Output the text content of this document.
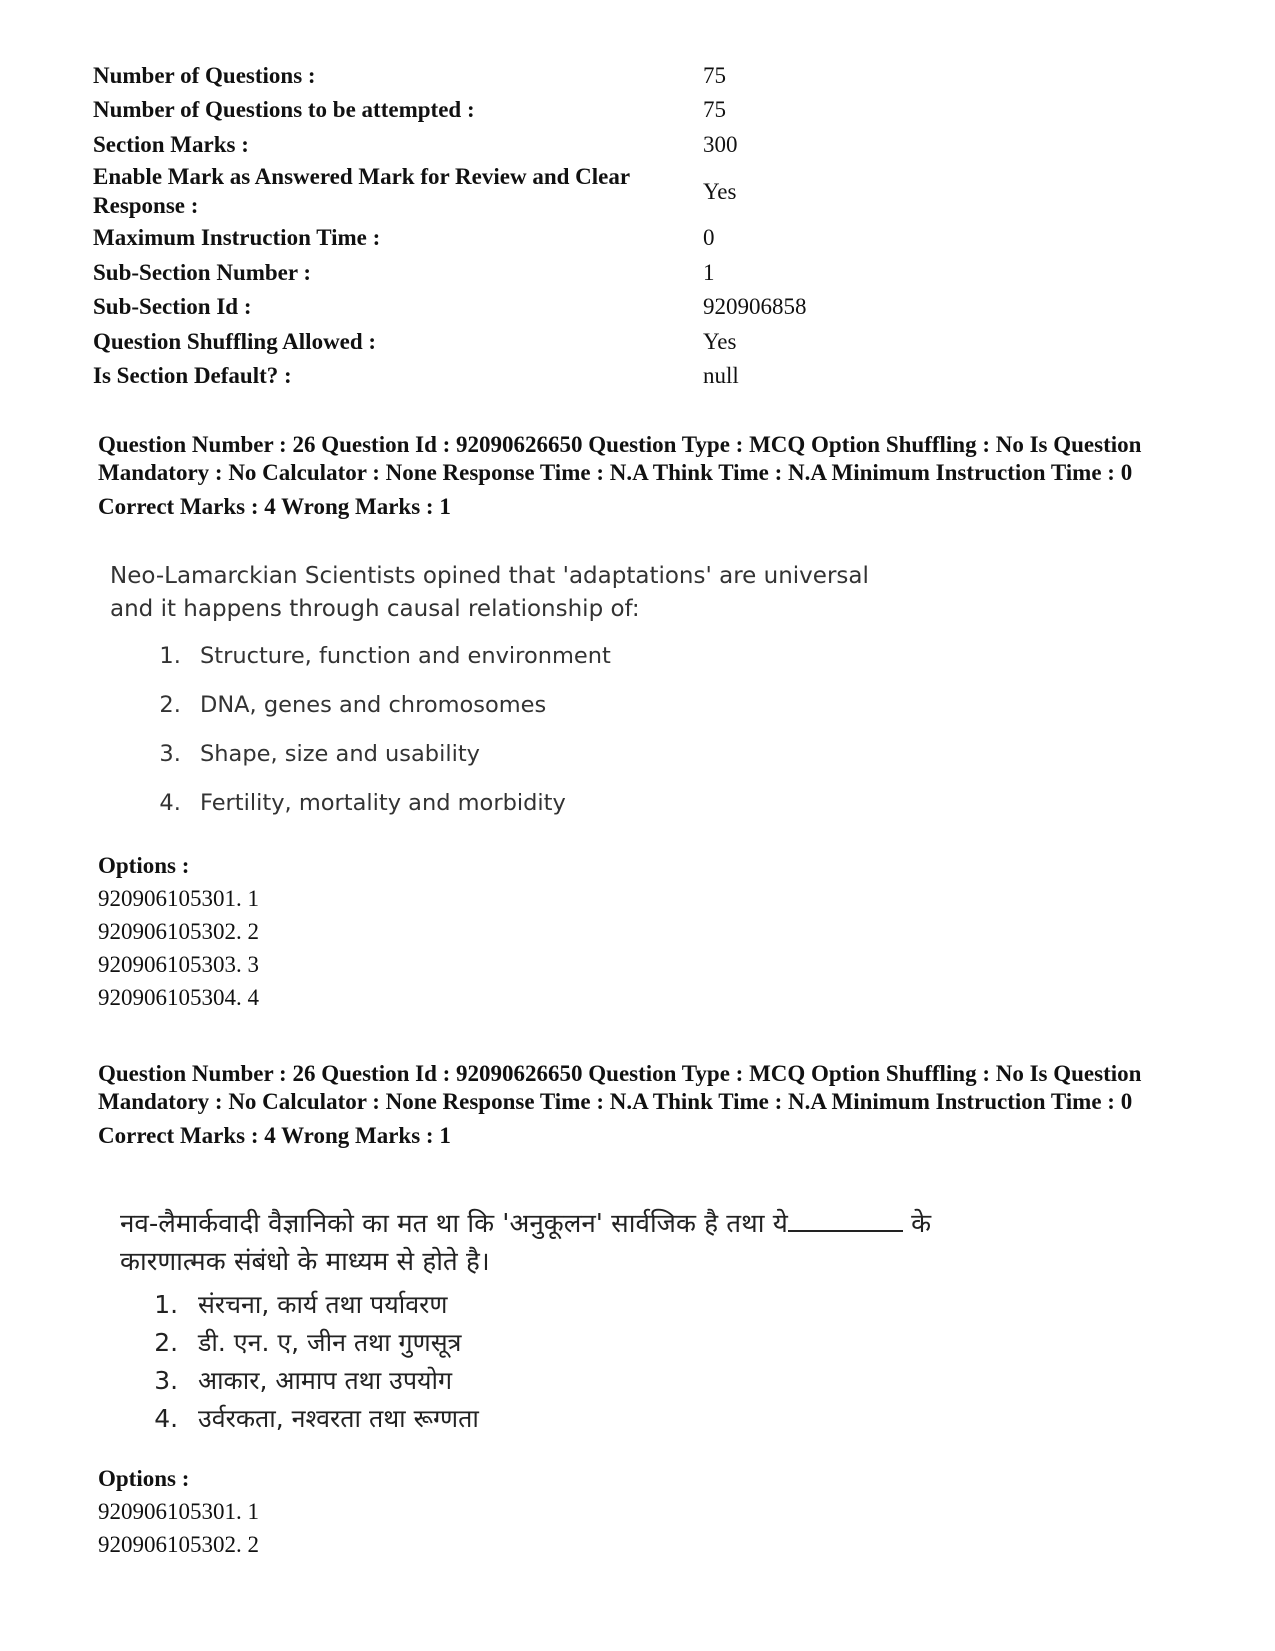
Number of Questions :	75
Number of Questions to be attempted :	75
Section Marks :	300
Enable Mark as Answered Mark for Review and Clear Response :	Yes
Maximum Instruction Time :	0
Sub-Section Number :	1
Sub-Section Id :	920906858
Question Shuffling Allowed :	Yes
Is Section Default? :	null
Question Number : 26 Question Id : 92090626650 Question Type : MCQ Option Shuffling : No Is Question Mandatory : No Calculator : None Response Time : N.A Think Time : N.A Minimum Instruction Time : 0
Correct Marks : 4 Wrong Marks : 1
Neo-Lamarckian Scientists opined that 'adaptations' are universal and it happens through causal relationship of:
1. Structure, function and environment
2. DNA, genes and chromosomes
3. Shape, size and usability
4. Fertility, mortality and morbidity
Options :
920906105301. 1
920906105302. 2
920906105303. 3
920906105304. 4
Question Number : 26 Question Id : 92090626650 Question Type : MCQ Option Shuffling : No Is Question Mandatory : No Calculator : None Response Time : N.A Think Time : N.A Minimum Instruction Time : 0
Correct Marks : 4 Wrong Marks : 1
नव-लैमार्कवादी वैज्ञानिको का मत था कि 'अनुकूलन' सार्वजिक है तथा ये	के कारणात्मक संबंधो के माध्यम से होते है।
1. संरचना, कार्य तथा पर्यावरण
2. डी. एन. ए, जीन तथा गुणसूत्र
3. आकार, आमाप तथा उपयोग
4. उर्वरकता, नश्वरता तथा रूग्णता
Options :
920906105301. 1
920906105302. 2
